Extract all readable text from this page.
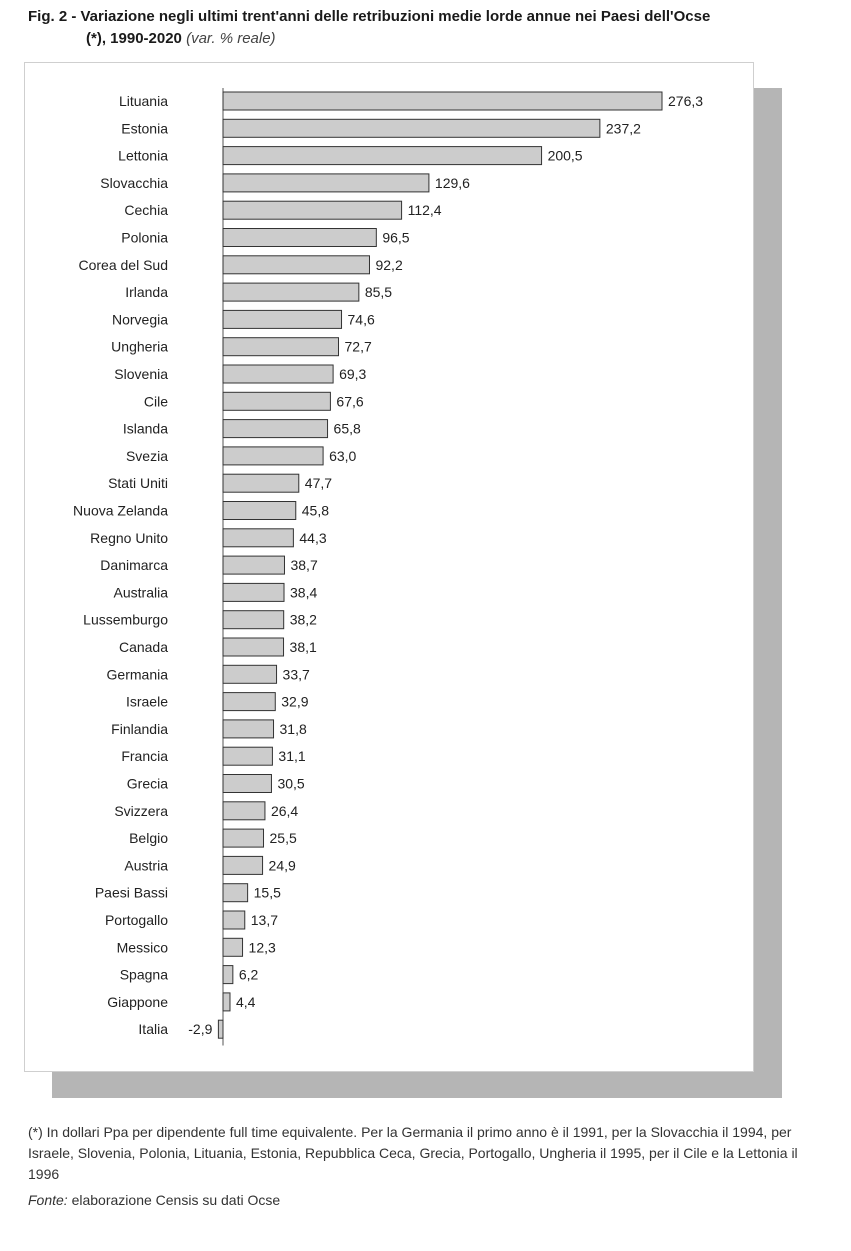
Fig. 2 - Variazione negli ultimi trent'anni delle retribuzioni medie lorde annue nei Paesi dell'Ocse
(*), 1990-2020 (var. % reale)
Lituania	276,3
Estonia	237,2
Lettonia	200,5
Slovacchia	129,6
Cechia	112,4
Polonia	96,5
Corea del Sud	92,2
Irlanda	85,5
Norvegia	74,6
Ungheria	72,7
Slovenia	69,3
Cile	67,6
Islanda	65,8
Svezia	63,0
Stati Uniti	47,7
Nuova Zelanda	45,8
Regno Unito	44,3
Danimarca	38,7
Australia	38,4
Lussemburgo	38,2
Canada	38,1
Germania	33,7
Israele	32,9
Finlandia	31,8
Francia	31,1
Grecia	30,5
Svizzera	26,4
Belgio	25,5
Austria	24,9
Paesi Bassi	15,5
Portogallo	13,7
Messico	12,3
Spagna	6,2
Giappone	4,4
Italia -2,9
(*) In dollari Ppa per dipendente full time equivalente. Per la Germania il primo anno è il 1991, per la Slovacchia il 1994, per Israele, Slovenia, Polonia, Lituania, Estonia, Repubblica Ceca, Grecia, Portogallo, Ungheria il 1995, per il Cile e la Lettonia il 1996
Fonte: elaborazione Censis su dati Ocse
